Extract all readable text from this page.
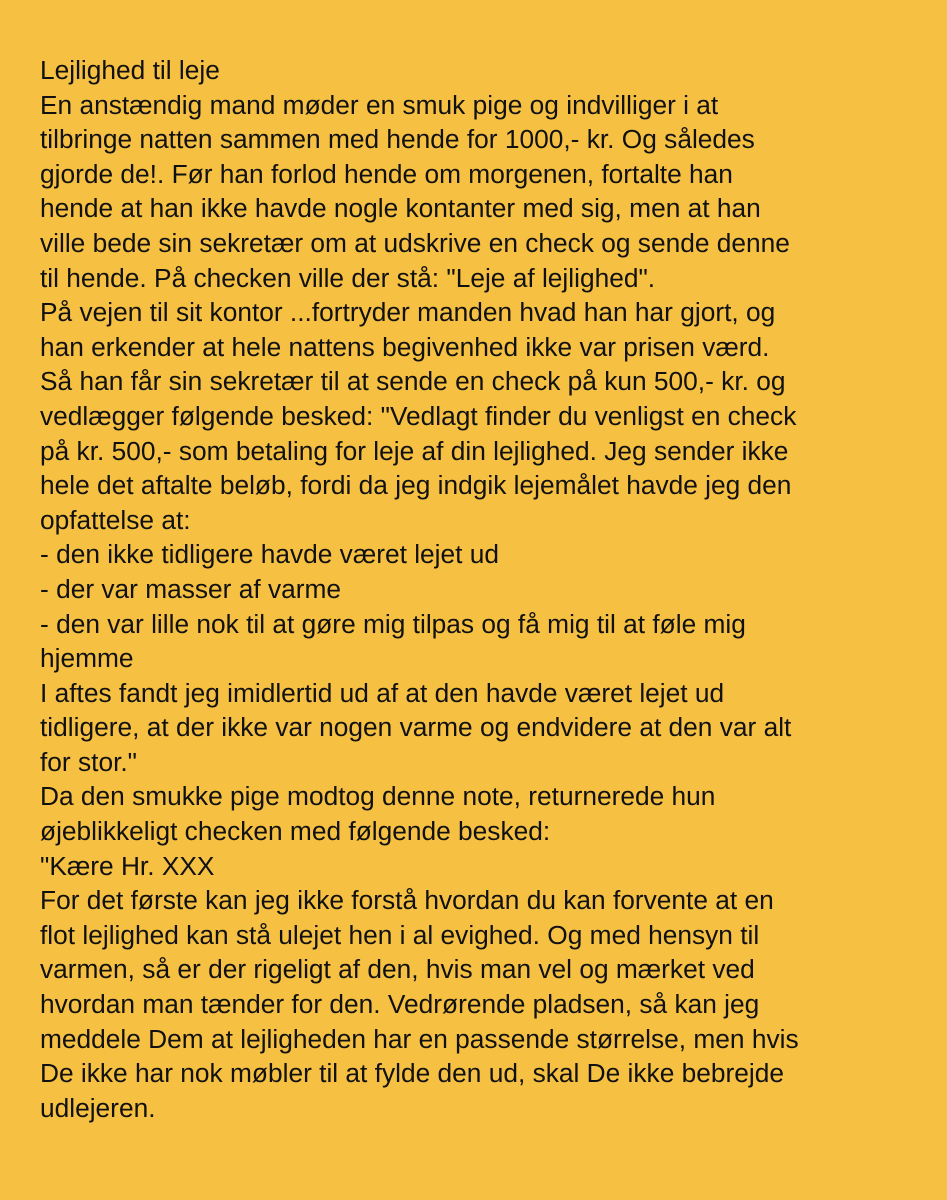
Lejlighed til leje
En anstændig mand møder en smuk pige og indvilliger i at
tilbringe natten sammen med hende for 1000,- kr. Og således
gjorde de!. Før han forlod hende om morgenen, fortalte han
hende at han ikke havde nogle kontanter med sig, men at han
ville bede sin sekretær om at udskrive en check og sende denne
til hende. På checken ville der stå: "Leje af lejlighed".
På vejen til sit kontor ...fortryder manden hvad han har gjort, og
han erkender at hele nattens begivenhed ikke var prisen værd.
Så han får sin sekretær til at sende en check på kun 500,- kr. og
vedlægger følgende besked: "Vedlagt finder du venligst en check
på kr. 500,- som betaling for leje af din lejlighed. Jeg sender ikke
hele det aftalte beløb, fordi da jeg indgik lejemålet havde jeg den
opfattelse at:
- den ikke tidligere havde været lejet ud
- der var masser af varme
- den var lille nok til at gøre mig tilpas og få mig til at føle mig
hjemme
I aftes fandt jeg imidlertid ud af at den havde været lejet ud
tidligere, at der ikke var nogen varme og endvidere at den var alt
for stor."
Da den smukke pige modtog denne note, returnerede hun
øjeblikkeligt checken med følgende besked:
"Kære Hr. XXX
For det første kan jeg ikke forstå hvordan du kan forvente at en
flot lejlighed kan stå ulejet hen i al evighed. Og med hensyn til
varmen, så er der rigeligt af den, hvis man vel og mærket ved
hvordan man tænder for den. Vedrørende pladsen, så kan jeg
meddele Dem at lejligheden har en passende størrelse, men hvis
De ikke har nok møbler til at fylde den ud, skal De ikke bebrejde
udlejeren.
